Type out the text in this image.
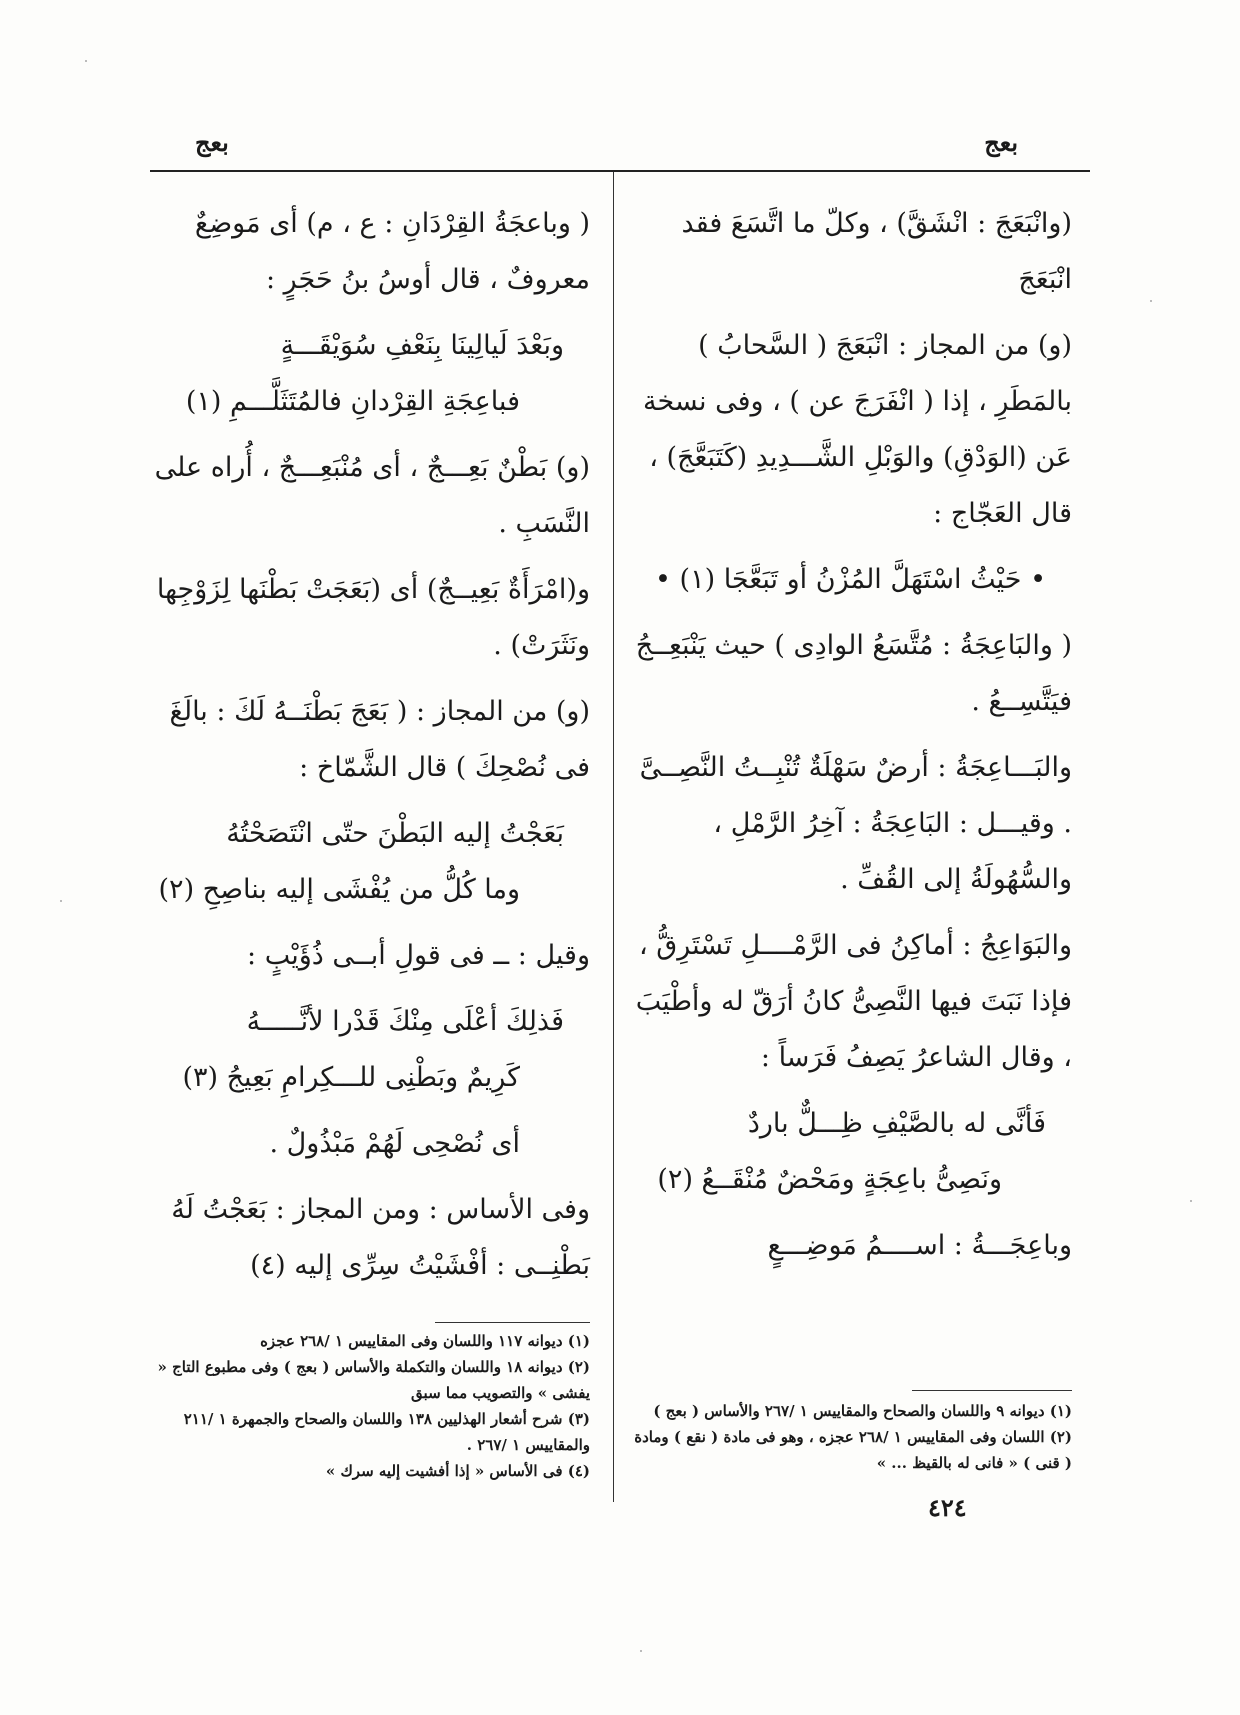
بعج
بعج

(وانْبَعَجَ : انْشَقَّ) ، وكلّ ما اتَّسَعَ فقد انْبَعَجَ

(و) من المجاز : انْبَعَجَ ( السَّحابُ ) بالمَطَرِ ، إذا ( انْفَرَجَ عن ) ، وفى نسخة عَن (الوَدْقِ) والوَبْلِ الشَّـــدِيدِ (كَتَبَعَّجَ) ، قال العَجّاج :

• حَيْثُ اسْتَهَلَّ المُزْنُ أو تَبَعَّجَا (١) •

( والبَاعِجَةُ : مُتَّسَعُ الوادِى ) حيث يَنْبَعِــجُ فيَتَّسِــعُ .

والبَـــاعِجَةُ : أرضٌ سَهْلَةٌ تُنْبِــتُ النَّصِــىَّ . وقيـــل : البَاعِجَةُ : آخِرُ الرَّمْلِ ، والسُّهُولَةُ إلى القُفِّ .

والبَوَاعِجُ : أماكِنُ فى الرَّمْــــلِ تَسْتَرِقُّ ، فإذا نَبَتَ فيها النَّصِىُّ كانُ أرَقّ له وأطْيَبَ ، وقال الشاعرُ يَصِفُ فَرَساً :

فَأنَّى له بالصَّيْفِ ظِـــلٌّ باردٌ

ونَصِىُّ باعِجَةٍ ومَحْضٌ مُنْقَــعُ (٢)

وباعِجَـــةُ : اســــمُ مَوضِـــعٍ

( وباعجَةُ القِرْدَانِ : ع ، م) أى مَوضِعٌ معروفٌ ، قال أوسُ بنُ حَجَرٍ :

وبَعْدَ لَيالِينَا بِنَعْفِ سُوَيْقَـــةٍ

فباعِجَةِ القِرْدانِ فالمُتَثَلَّـــمِ (١)

(و) بَطْنٌ بَعِـــجٌ ، أى مُنْبَعِـــجٌ ، أُراه على النَّسَبِ .

و(امْرَأَةٌ بَعِيــجٌ) أى (بَعَجَتْ بَطْنَها لِزَوْجِها ونَثَرَتْ) .

(و) من المجاز : ( بَعَجَ بَطْنَــهُ لَكَ : بالَغَ فى نُصْحِكَ ) قال الشَّمّاخ :

بَعَجْتُ إليه البَطْنَ حتّى انْتَصَحْتُهُ

وما كُلُّ من يُفْشَى إليه بناصِحِ (٢)

وقيل : ــ فى قولِ أبــى ذُؤَيْبٍ :

فَذلِكَ أعْلَى مِنْكَ قَدْرا لأنَّـــــهُ

كَرِيمٌ وبَطْنِى للـــكِرامِ بَعِيجُ (٣)

أى نُصْحِى لَهُمْ مَبْذُولٌ .

وفى الأساس : ومن المجاز : بَعَجْتُ لَهُ بَطْنِــى : أفْشَيْتُ سِرِّى إليه (٤)

(١) ديوانه ١١٧ واللسان وفى المقاييس ١ /٢٦٨ عجزه
(٢) ديوانه ١٨ واللسان والتكملة والأساس ( بعج ) وفى مطبوع التاج « يفشى » والتصويب مما سبق
(٣) شرح أشعار الهذليين ١٣٨ واللسان والصحاح والجمهرة ١ /٢١١ والمقاييس ١ /٢٦٧ .
(٤) فى الأساس « إذا أفشيت إليه سرك »
(١) ديوانه ٩ واللسان والصحاح والمقاييس ١ /٢٦٧ والأساس ( بعج )
(٢) اللسان وفى المقاييس ١ /٢٦٨ عجزه ، وهو فى مادة ( نقع ) ومادة ( قنى ) « فانى له بالقيظ ... »
٤٢٤
